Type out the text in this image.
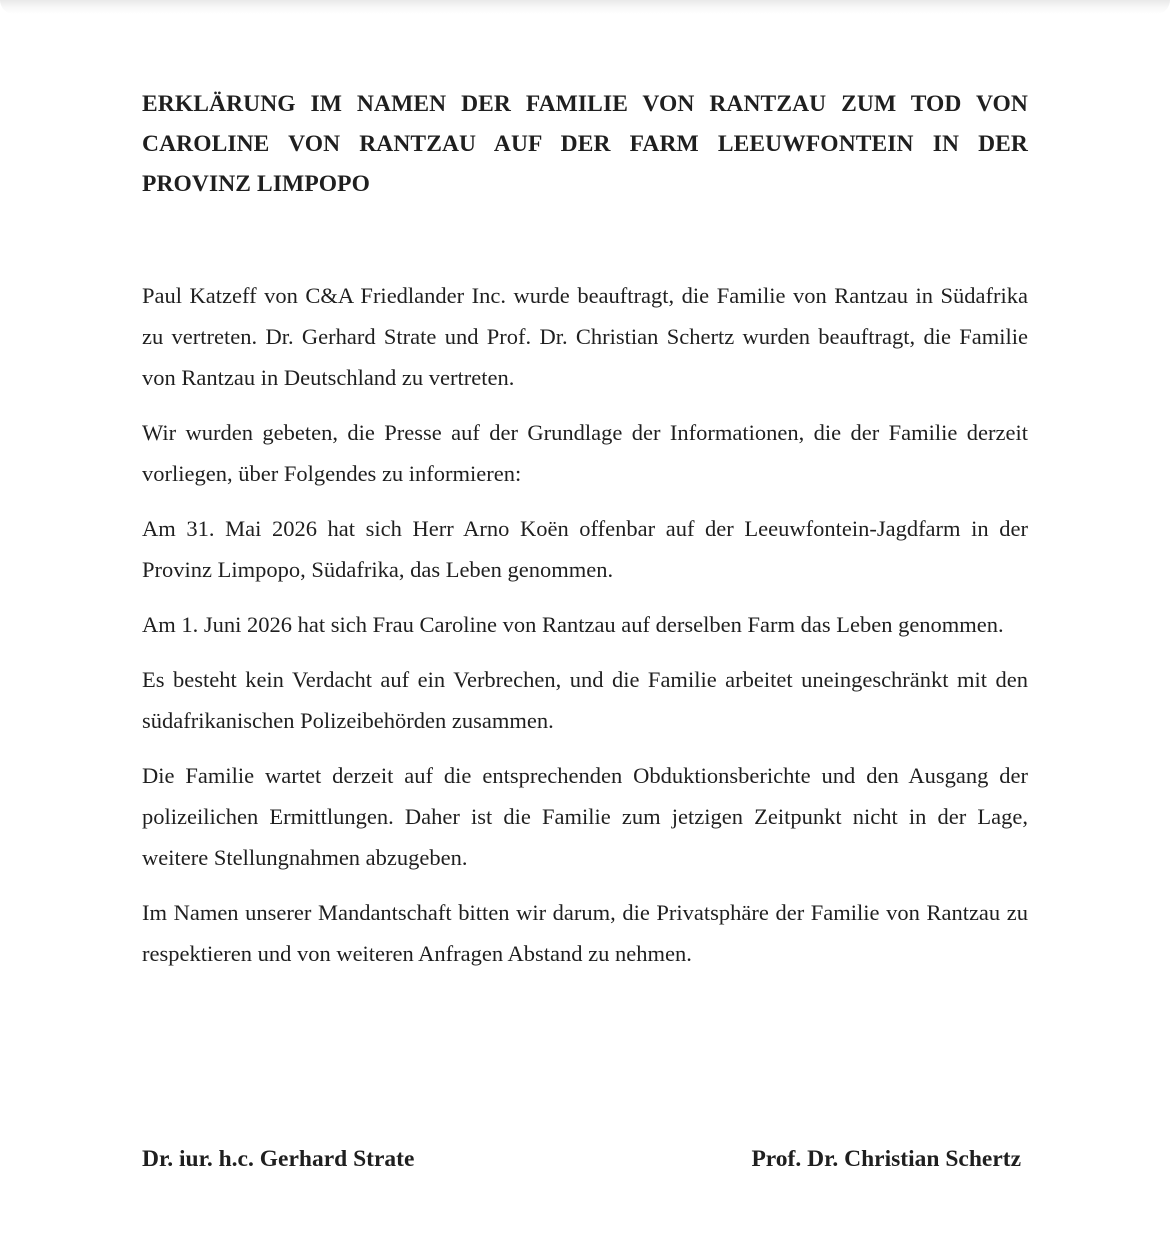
ERKLÄRUNG IM NAMEN DER FAMILIE VON RANTZAU ZUM TOD VON CAROLINE VON RANTZAU AUF DER FARM LEEUWFONTEIN IN DER PROVINZ LIMPOPO

Paul Katzeff von C&A Friedlander Inc. wurde beauftragt, die Familie von Rantzau in Südafrika zu vertreten. Dr. Gerhard Strate und Prof. Dr. Christian Schertz wurden beauftragt, die Familie von Rantzau in Deutschland zu vertreten.

Wir wurden gebeten, die Presse auf der Grundlage der Informationen, die der Familie derzeit vorliegen, über Folgendes zu informieren:

Am 31. Mai 2026 hat sich Herr Arno Koën offenbar auf der Leeuwfontein-Jagdfarm in der Provinz Limpopo, Südafrika, das Leben genommen.

Am 1. Juni 2026 hat sich Frau Caroline von Rantzau auf derselben Farm das Leben genommen.

Es besteht kein Verdacht auf ein Verbrechen, und die Familie arbeitet uneingeschränkt mit den südafrikanischen Polizeibehörden zusammen.

Die Familie wartet derzeit auf die entsprechenden Obduktionsberichte und den Ausgang der polizeilichen Ermittlungen. Daher ist die Familie zum jetzigen Zeitpunkt nicht in der Lage, weitere Stellungnahmen abzugeben.

Im Namen unserer Mandantschaft bitten wir darum, die Privatsphäre der Familie von Rantzau zu respektieren und von weiteren Anfragen Abstand zu nehmen.

Dr. iur. h.c. Gerhard Strate	Prof. Dr. Christian Schertz
